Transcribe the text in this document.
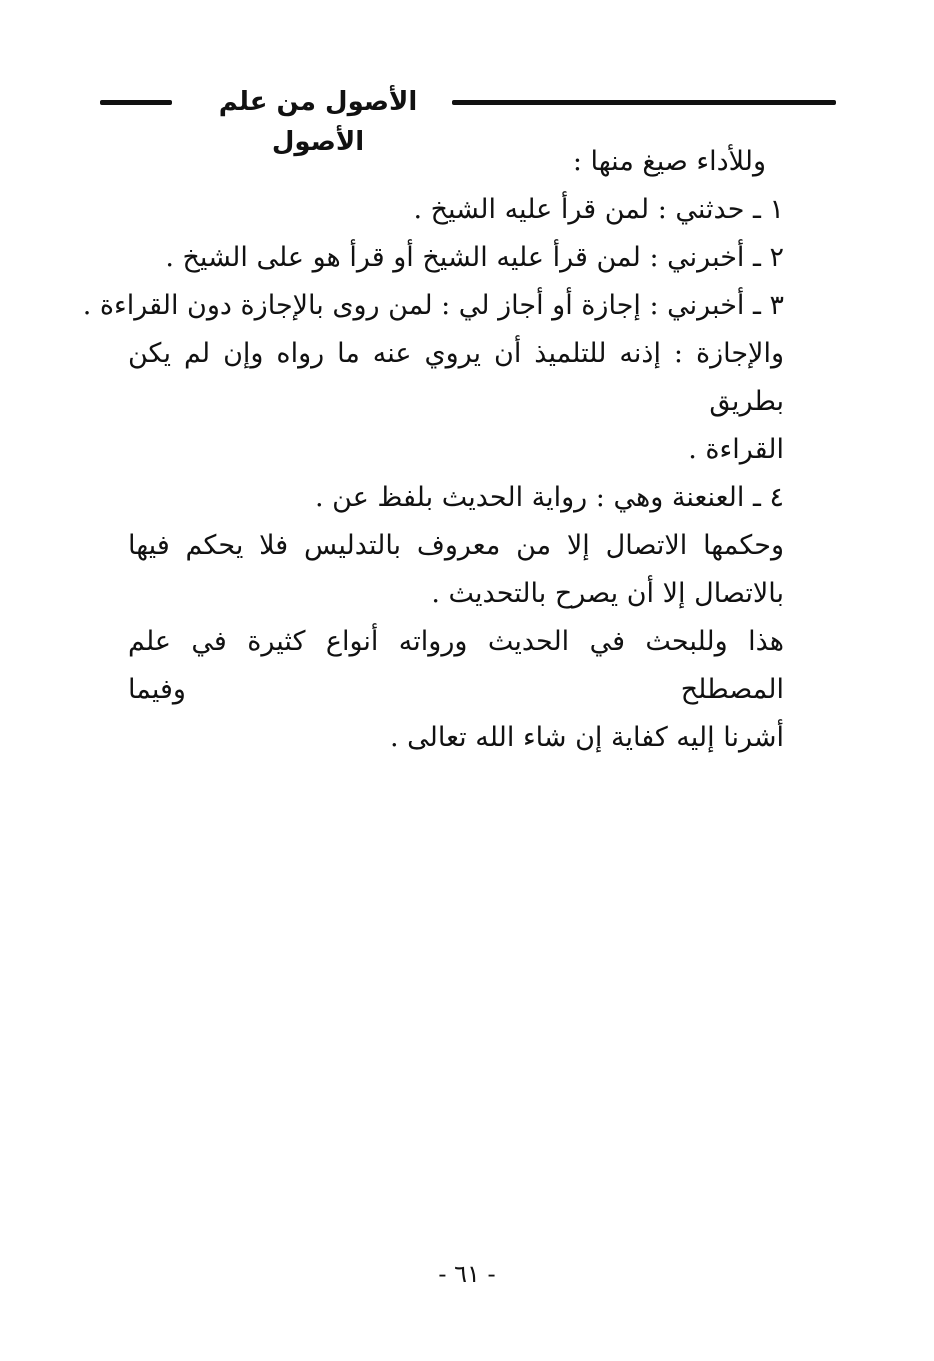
الأصول من علم الأصول
وللأداء صيغ منها :
١ ـ حدثني : لمن قرأ عليه الشيخ .
٢ ـ أخبرني : لمن قرأ عليه الشيخ أو قرأ هو على الشيخ .
٣ ـ أخبرني : إجازة أو أجاز لي : لمن روى بالإجازة دون القراءة .
والإجازة : إذنه للتلميذ أن يروي عنه ما رواه وإن لم يكن بطريق
القراءة .
٤ ـ العنعنة وهي : رواية الحديث بلفظ عن .
وحكمها الاتصال إلا من معروف بالتدليس فلا يحكم فيها
بالاتصال إلا أن يصرح بالتحديث .
هذا وللبحث في الحديث ورواته أنواع كثيرة في علم المصطلح وفيما
أشرنا إليه كفاية إن شاء الله تعالى .
- ٦١ -
